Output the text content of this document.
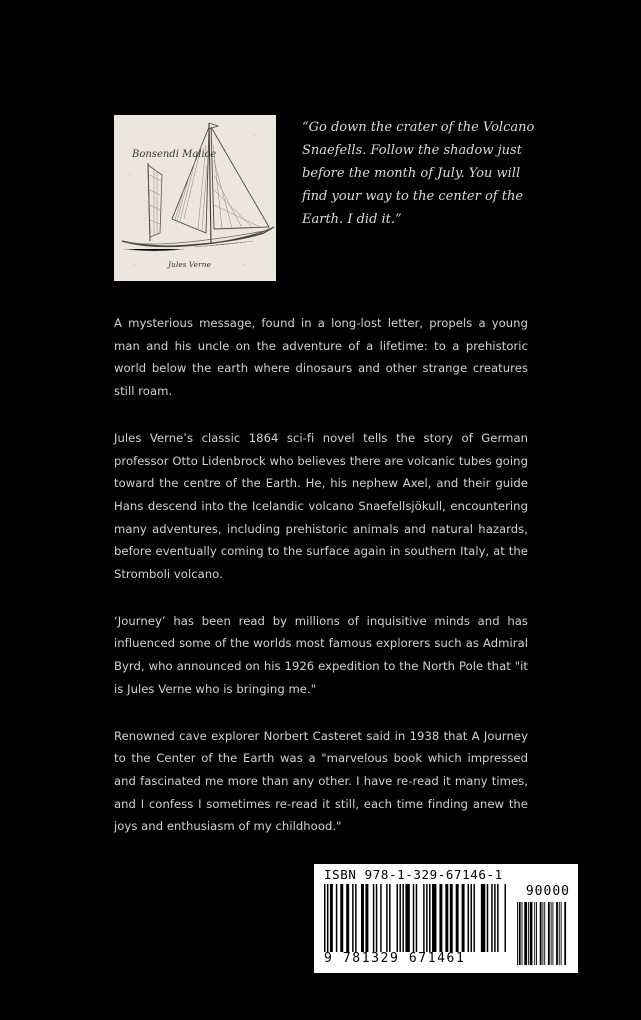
Bonsendi Malice
Jules Verne

“Go down the crater of the Volcano Snaefells. Follow the shadow just before the month of July. You will find your way to the center of the Earth. I did it.”

A mysterious message, found in a long-lost letter, propels a young man and his uncle on the adventure of a lifetime: to a prehistoric world below the earth where dinosaurs and other strange creatures still roam.

Jules Verne’s classic 1864 sci-fi novel tells the story of German professor Otto Lidenbrock who believes there are volcanic tubes going toward the centre of the Earth. He, his nephew Axel, and their guide Hans descend into the Icelandic volcano Snaefellsjökull, encountering many adventures, including prehistoric animals and natural hazards, before eventually coming to the surface again in southern Italy, at the Stromboli volcano.

‘Journey’ has been read by millions of inquisitive minds and has influenced some of the worlds most famous explorers such as Admiral Byrd, who announced on his 1926 expedition to the North Pole that "it is Jules Verne who is bringing me."

Renowned cave explorer Norbert Casteret said in 1938 that A Journey to the Center of the Earth was a "marvelous book which impressed and fascinated me more than any other. I have re-read it many times, and I confess I sometimes re-read it still, each time finding anew the joys and enthusiasm of my childhood."

ISBN 978-1-329-67146-1
90000
9 781329 671461
